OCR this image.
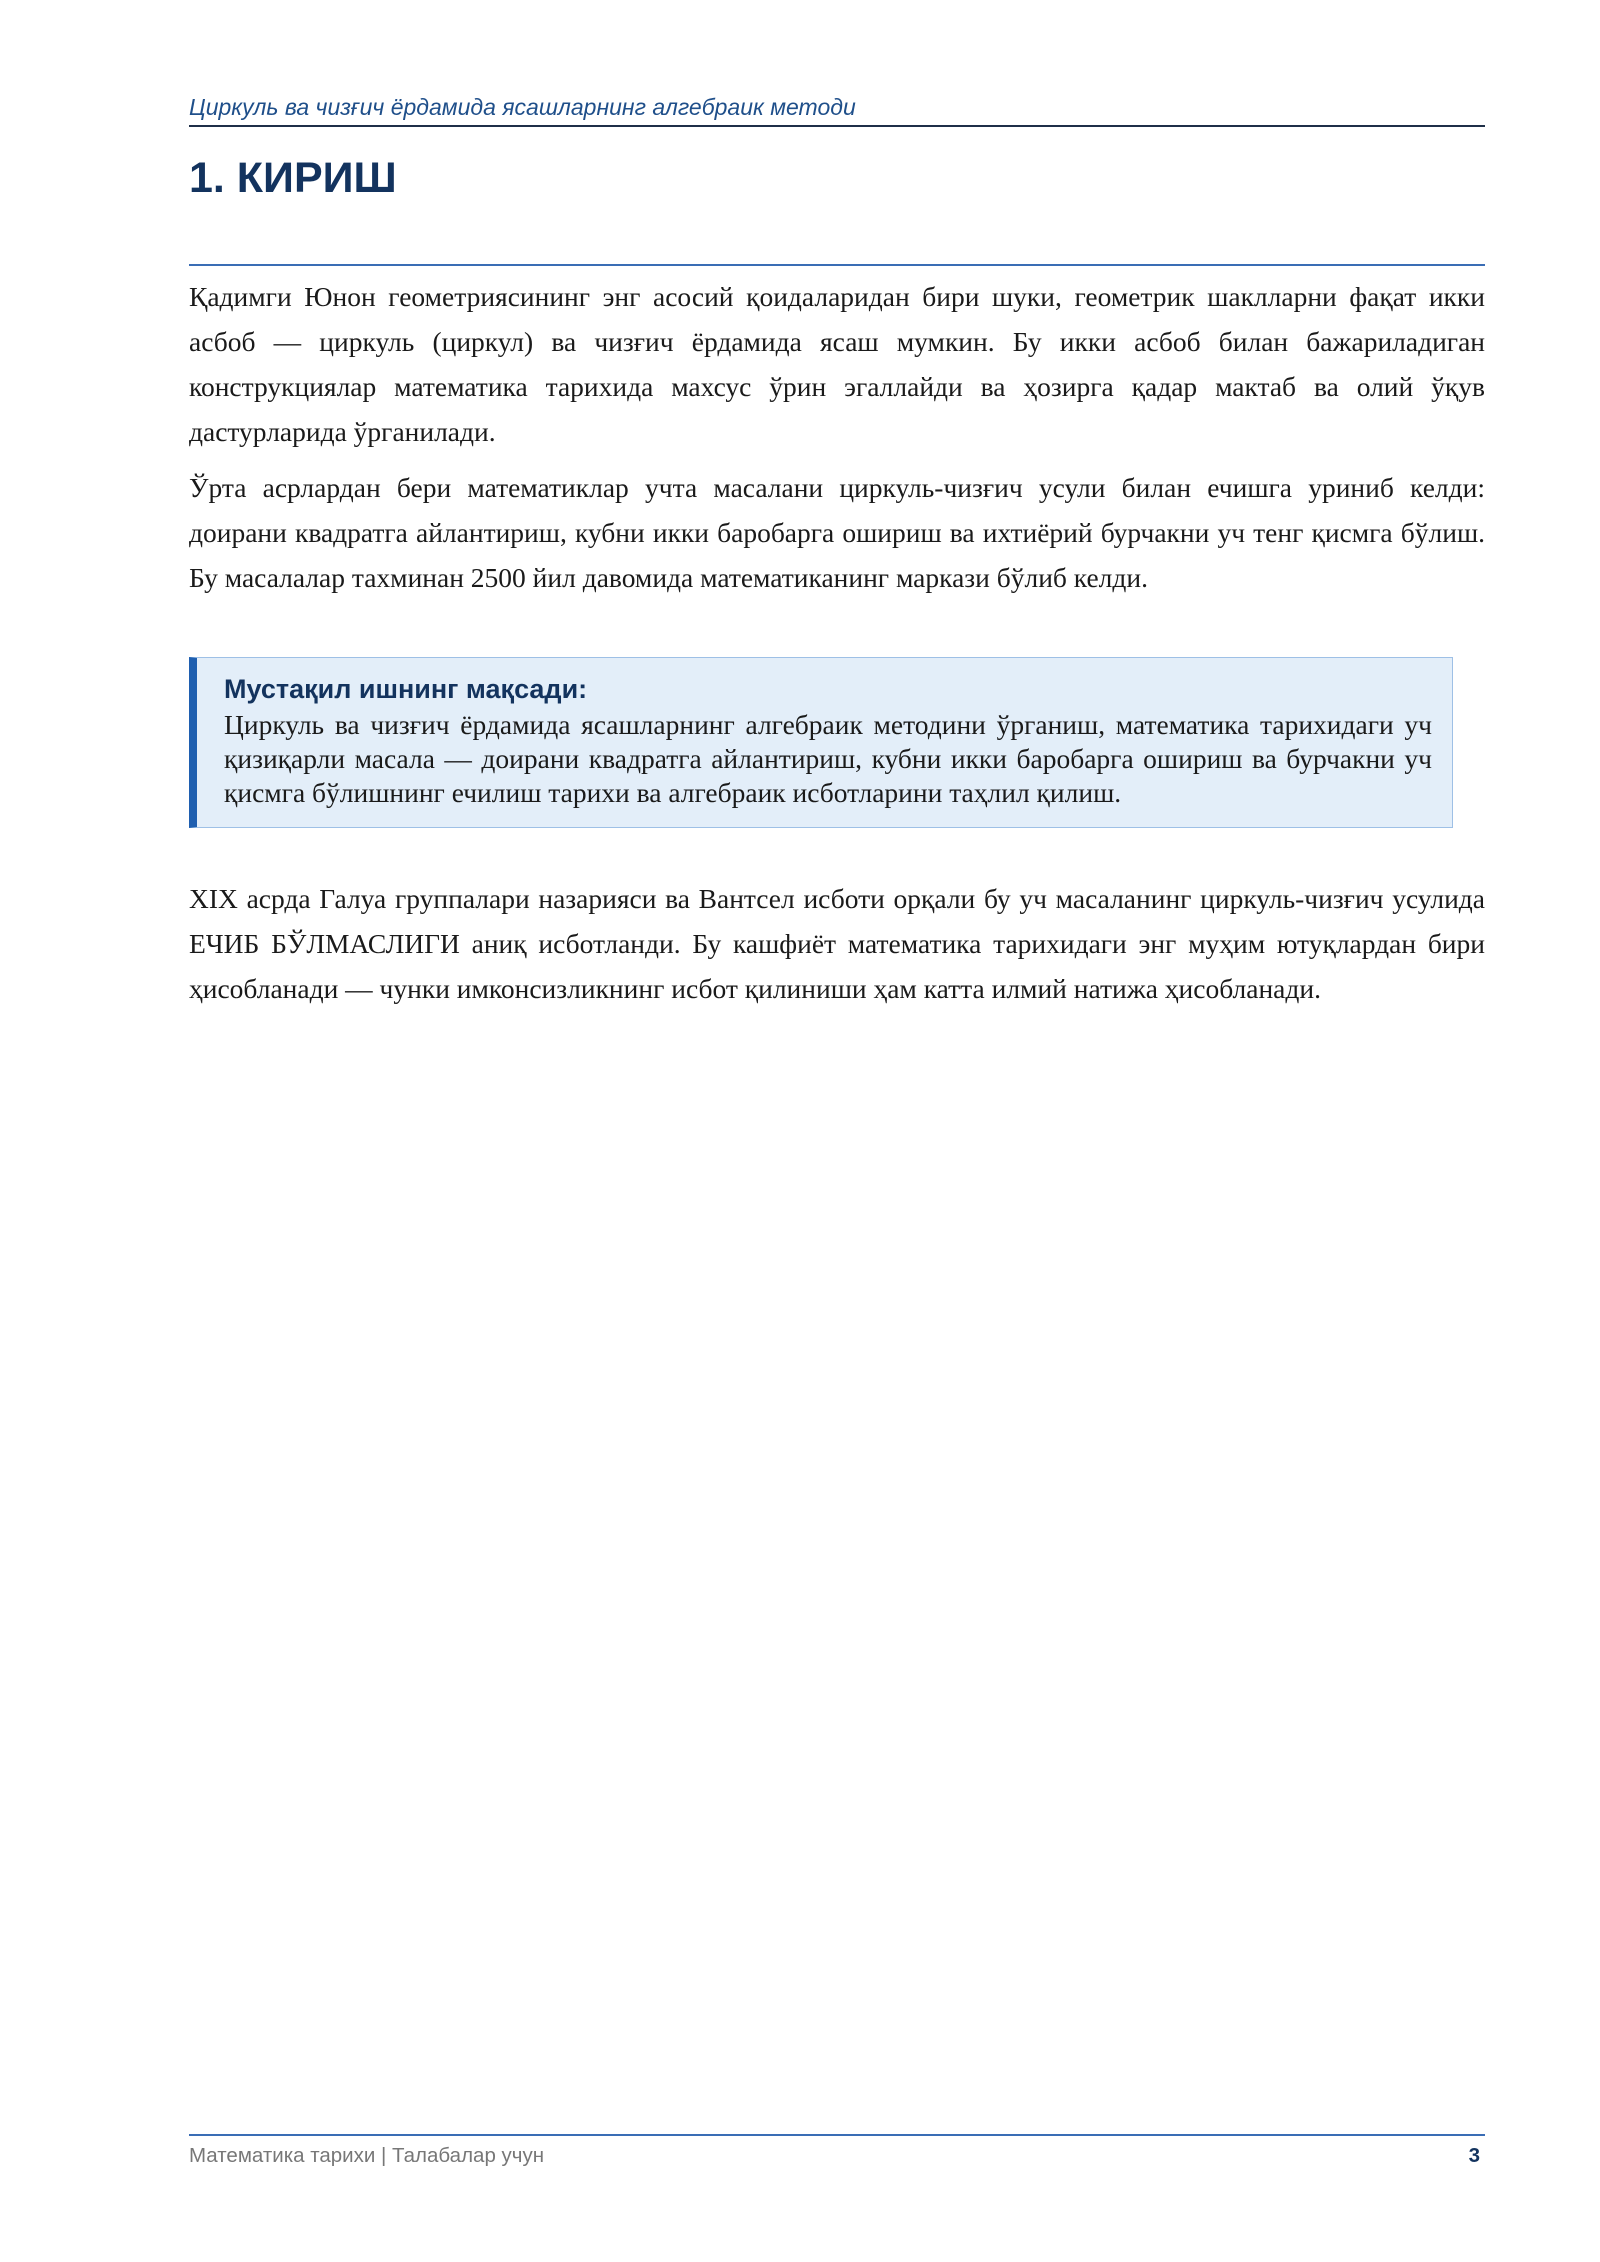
Циркуль ва чизғич ёрдамида ясашларнинг алгебраик методи
1. КИРИШ

Қадимги Юнон геометриясининг энг асосий қоидаларидан бири шуки, геометрик шаклларни фақат икки асбоб — циркуль (циркул) ва чизғич ёрдамида ясаш мумкин. Бу икки асбоб билан бажариладиган конструкциялар математика тарихида махсус ўрин эгаллайди ва ҳозирга қадар мактаб ва олий ўқув дастурларида ўрганилади.

Ўрта асрлардан бери математиклар учта масалани циркуль-чизғич усули билан ечишга уриниб келди: доирани квадратга айлантириш, кубни икки баробарга ошириш ва ихтиёрий бурчакни уч тенг қисмга бўлиш. Бу масалалар тахминан 2500 йил давомида математиканинг маркази бўлиб келди.

Мустақил ишнинг мақсади:

Циркуль ва чизғич ёрдамида ясашларнинг алгебраик методини ўрганиш, математика тарихидаги уч қизиқарли масала — доирани квадратга айлантириш, кубни икки баробарга ошириш ва бурчакни уч қисмга бўлишнинг ечилиш тарихи ва алгебраик исботларини таҳлил қилиш.

XIX асрда Галуа группалари назарияси ва Вантсел исботи орқали бу уч масаланинг циркуль-чизғич усулида ЕЧИБ БЎЛМАСЛИГИ аниқ исботланди. Бу кашфиёт математика тарихидаги энг муҳим ютуқлардан бири ҳисобланади — чунки имконсизликнинг исбот қилиниши ҳам катта илмий натижа ҳисобланади.

Математика тарихи | Талабалар учун	3
